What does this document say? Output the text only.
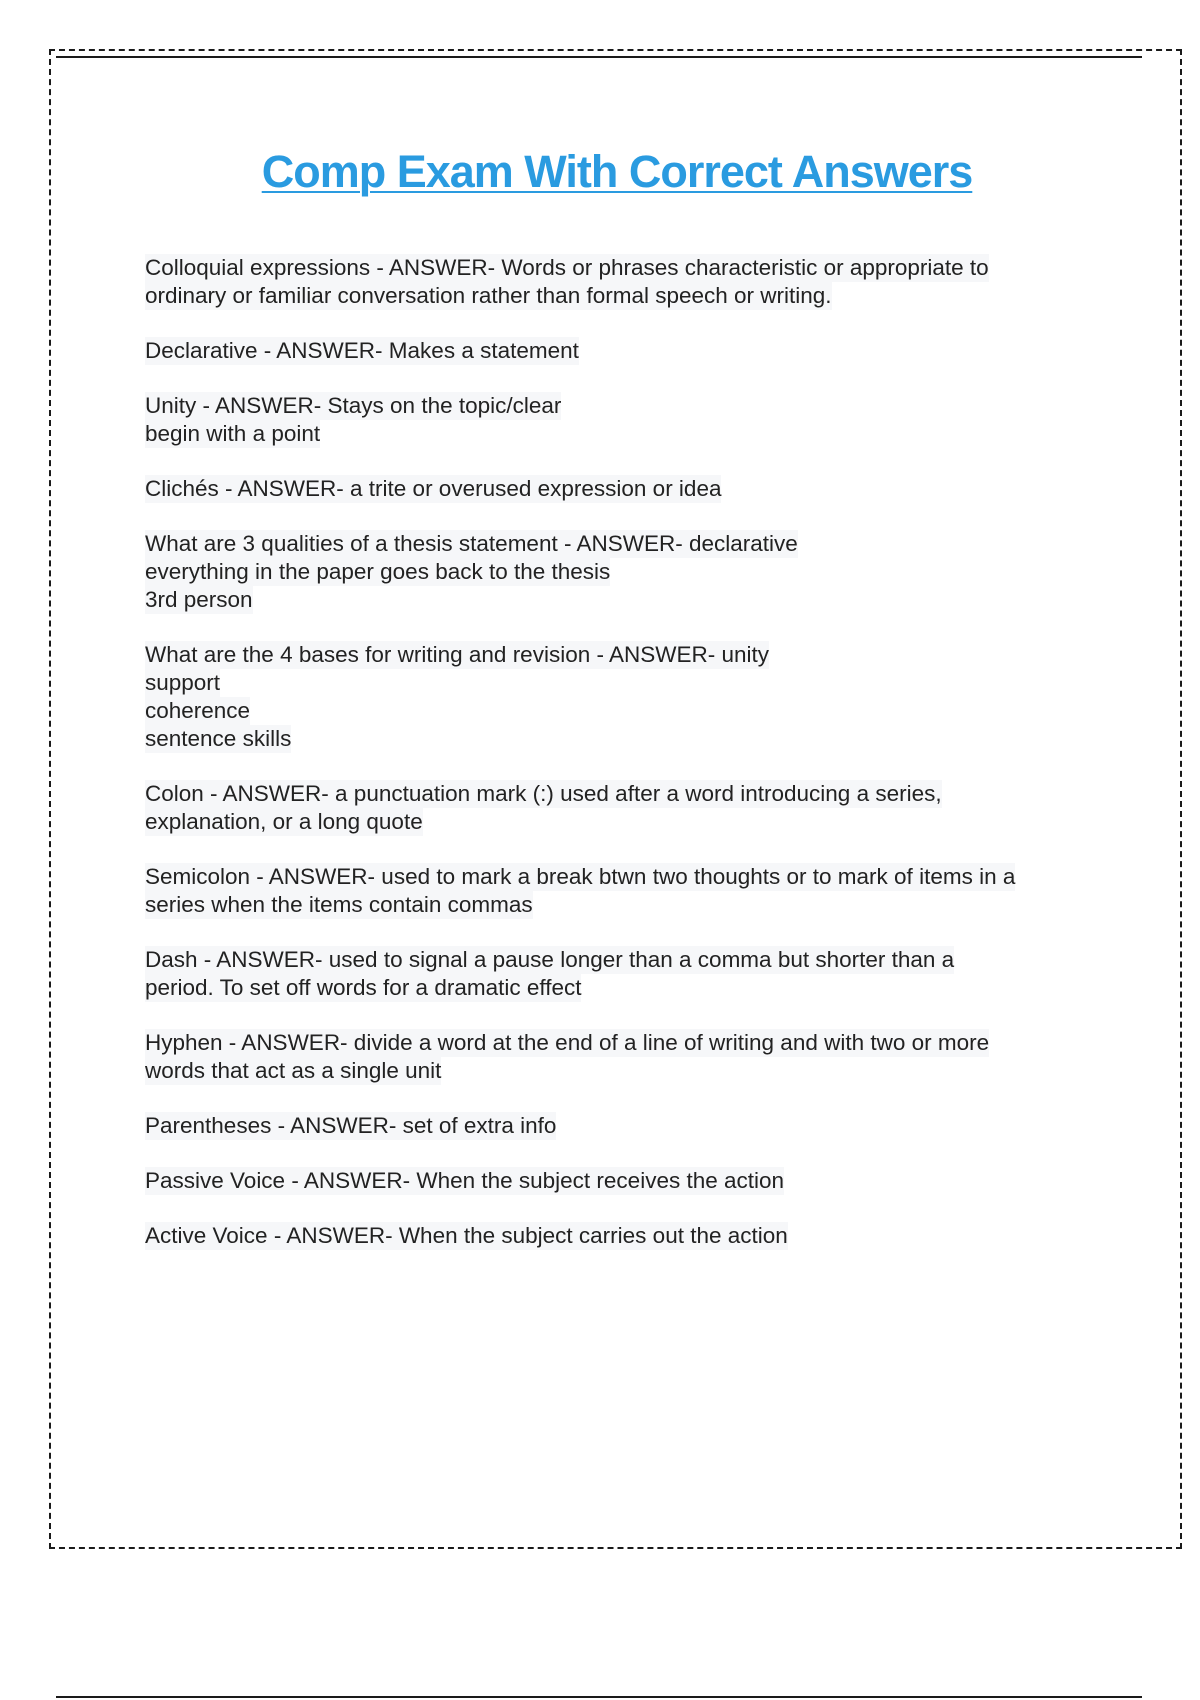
Comp Exam With Correct Answers
Colloquial expressions - ANSWER- Words or phrases characteristic or appropriate to
ordinary or familiar conversation rather than formal speech or writing.
Declarative - ANSWER- Makes a statement
Unity - ANSWER- Stays on the topic/clear
begin with a point
Clichés - ANSWER- a trite or overused expression or idea
What are 3 qualities of a thesis statement - ANSWER- declarative
everything in the paper goes back to the thesis
3rd person
What are the 4 bases for writing and revision - ANSWER- unity
support
coherence
sentence skills
Colon - ANSWER- a punctuation mark (:) used after a word introducing a series,
explanation, or a long quote
Semicolon - ANSWER- used to mark a break btwn two thoughts or to mark of items in a
series when the items contain commas
Dash - ANSWER- used to signal a pause longer than a comma but shorter than a
period. To set off words for a dramatic effect
Hyphen - ANSWER- divide a word at the end of a line of writing and with two or more
words that act as a single unit
Parentheses - ANSWER- set of extra info
Passive Voice - ANSWER- When the subject receives the action
Active Voice - ANSWER- When the subject carries out the action
